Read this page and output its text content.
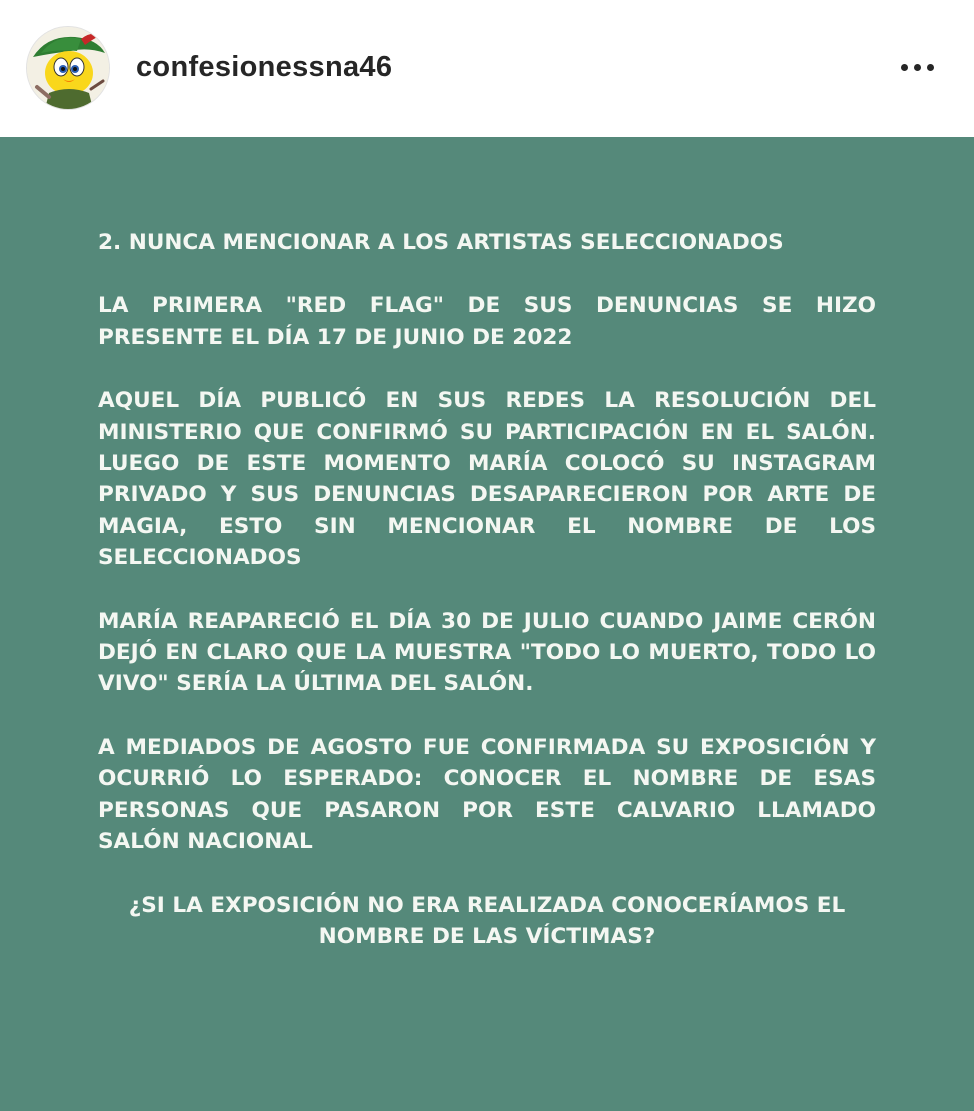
confesionessna46

2. NUNCA MENCIONAR A LOS ARTISTAS SELECCIONADOS

LA PRIMERA "RED FLAG" DE SUS DENUNCIAS SE HIZO PRESENTE EL DÍA 17 DE JUNIO DE 2022

AQUEL DÍA PUBLICÓ EN SUS REDES LA RESOLUCIÓN DEL MINISTERIO QUE CONFIRMÓ SU PARTICIPACIÓN EN EL SALÓN. LUEGO DE ESTE MOMENTO MARÍA COLOCÓ SU INSTAGRAM PRIVADO Y SUS DENUNCIAS DESAPARECIERON POR ARTE DE MAGIA, ESTO SIN MENCIONAR EL NOMBRE DE LOS SELECCIONADOS

MARÍA REAPARECIÓ EL DÍA 30 DE JULIO CUANDO JAIME CERÓN DEJÓ EN CLARO QUE LA MUESTRA "TODO LO MUERTO, TODO LO VIVO" SERÍA LA ÚLTIMA DEL SALÓN.

A MEDIADOS DE AGOSTO FUE CONFIRMADA SU EXPOSICIÓN Y OCURRIÓ LO ESPERADO: CONOCER EL NOMBRE DE ESAS PERSONAS QUE PASARON POR ESTE CALVARIO LLAMADO SALÓN NACIONAL

¿SI LA EXPOSICIÓN NO ERA REALIZADA CONOCERÍAMOS EL NOMBRE DE LAS VÍCTIMAS?
